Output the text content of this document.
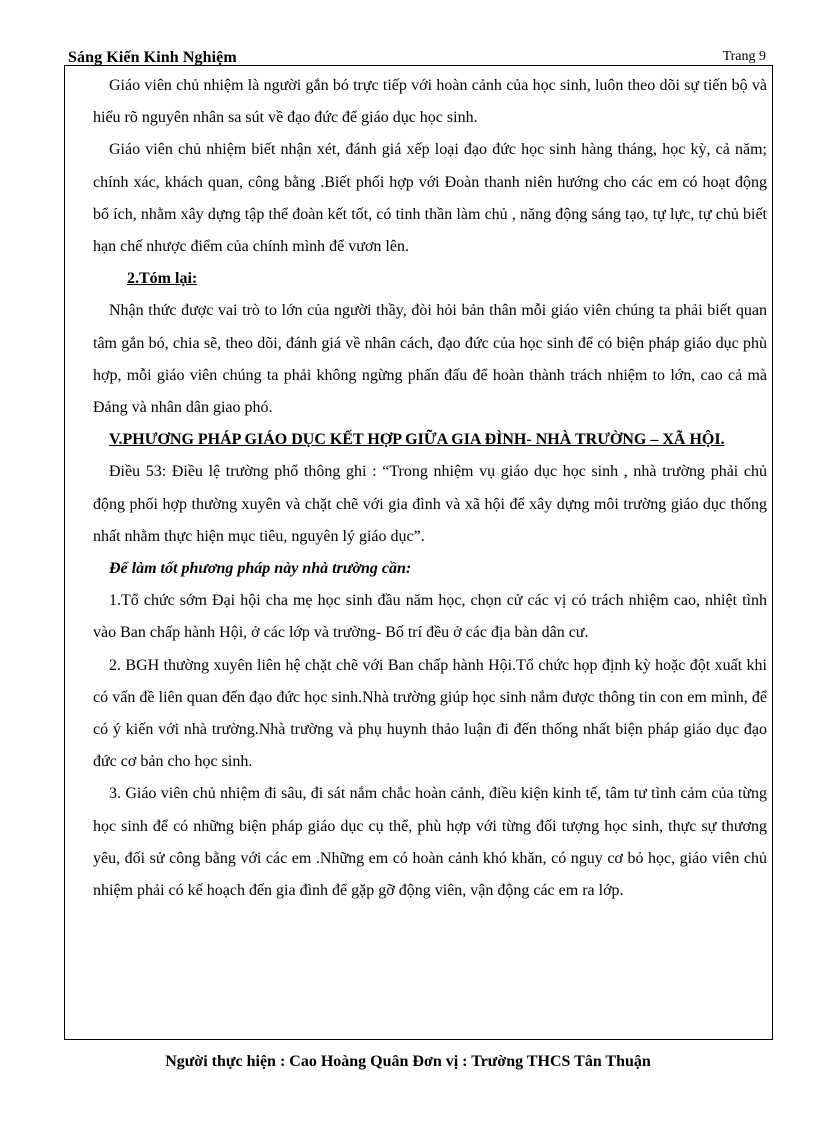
Sáng Kiến Kinh Nghiệm	Trang 9

Giáo viên chủ nhiệm là người gắn bó trực tiếp với hoàn cảnh của học sinh, luôn theo dõi sự tiến bộ và hiểu rõ nguyên nhân sa sút về đạo đức để giáo dục học sinh.

Giáo viên chủ nhiệm biết nhận xét, đánh giá xếp loại đạo đức học sinh hàng tháng, học kỳ, cả năm; chính xác, khách quan, công bằng .Biết phối hợp với Đoàn thanh niên hướng cho các em có hoạt động bổ ích, nhằm xây dựng tập thể đoàn kết tốt, có tinh thần làm chủ , năng động sáng tạo, tự lực, tự chủ biết hạn chế nhược điểm của chính mình để vươn lên.

2.Tóm lại:

Nhận thức được vai trò to lớn của người thầy, đòi hỏi bản thân mỗi giáo viên chúng ta phải biết quan tâm gắn bó, chia sẽ, theo dõi, đánh giá về nhân cách, đạo đức của học sinh để có biện pháp giáo dục phù hợp, mỗi giáo viên chúng ta phải không ngừng phấn đấu để hoàn thành trách nhiệm to lớn, cao cả mà Đảng và nhân dân giao phó.

V.PHƯƠNG PHÁP GIÁO DỤC KẾT HỢP GIỮA GIA ĐÌNH- NHÀ TRƯỜNG – XÃ HỘI.

Điều 53: Điều lệ trường phổ thông ghi : “Trong nhiệm vụ giáo dục học sinh , nhà trường phải chủ động phối hợp thường xuyên và chặt chẽ với gia đình và xã hội để xây dựng môi trường giáo dục thống nhất nhằm thực hiện mục tiêu, nguyên lý giáo dục”.

Để làm tốt phương pháp này nhà trường cần:

1.Tổ chức sớm Đại hội cha mẹ học sinh đầu năm học, chọn cử các vị có trách nhiệm cao, nhiệt tình vào Ban chấp hành Hội, ở các lớp và trường- Bố trí đều ở các địa bàn dân cư.

2. BGH thường xuyên liên hệ chặt chẽ với Ban chấp hành Hội.Tổ chức họp định kỳ hoặc đột xuất khi có vấn đề liên quan đến đạo đức học sinh.Nhà trường giúp học sinh nắm được thông tin con em mình, để có ý kiến với nhà trường.Nhà trường và phụ huynh thảo luận đi đến thống nhất biện pháp giáo dục đạo đức cơ bản cho học sinh.

3. Giáo viên chủ nhiệm đi sâu, đi sát nắm chắc hoàn cảnh, điều kiện kinh tế, tâm tư tình cảm của từng học sinh để có những biện pháp giáo dục cụ thể, phù hợp với từng đối tượng học sinh, thực sự thương yêu, đối sử công bằng với các em .Những em có hoàn cảnh khó khăn, có nguy cơ bỏ học, giáo viên chủ nhiệm phải có kế hoạch đến gia đình để gặp gỡ động viên, vận động các em ra lớp.

Người thực hiện : Cao Hoàng Quân Đơn vị : Trường THCS Tân Thuận
